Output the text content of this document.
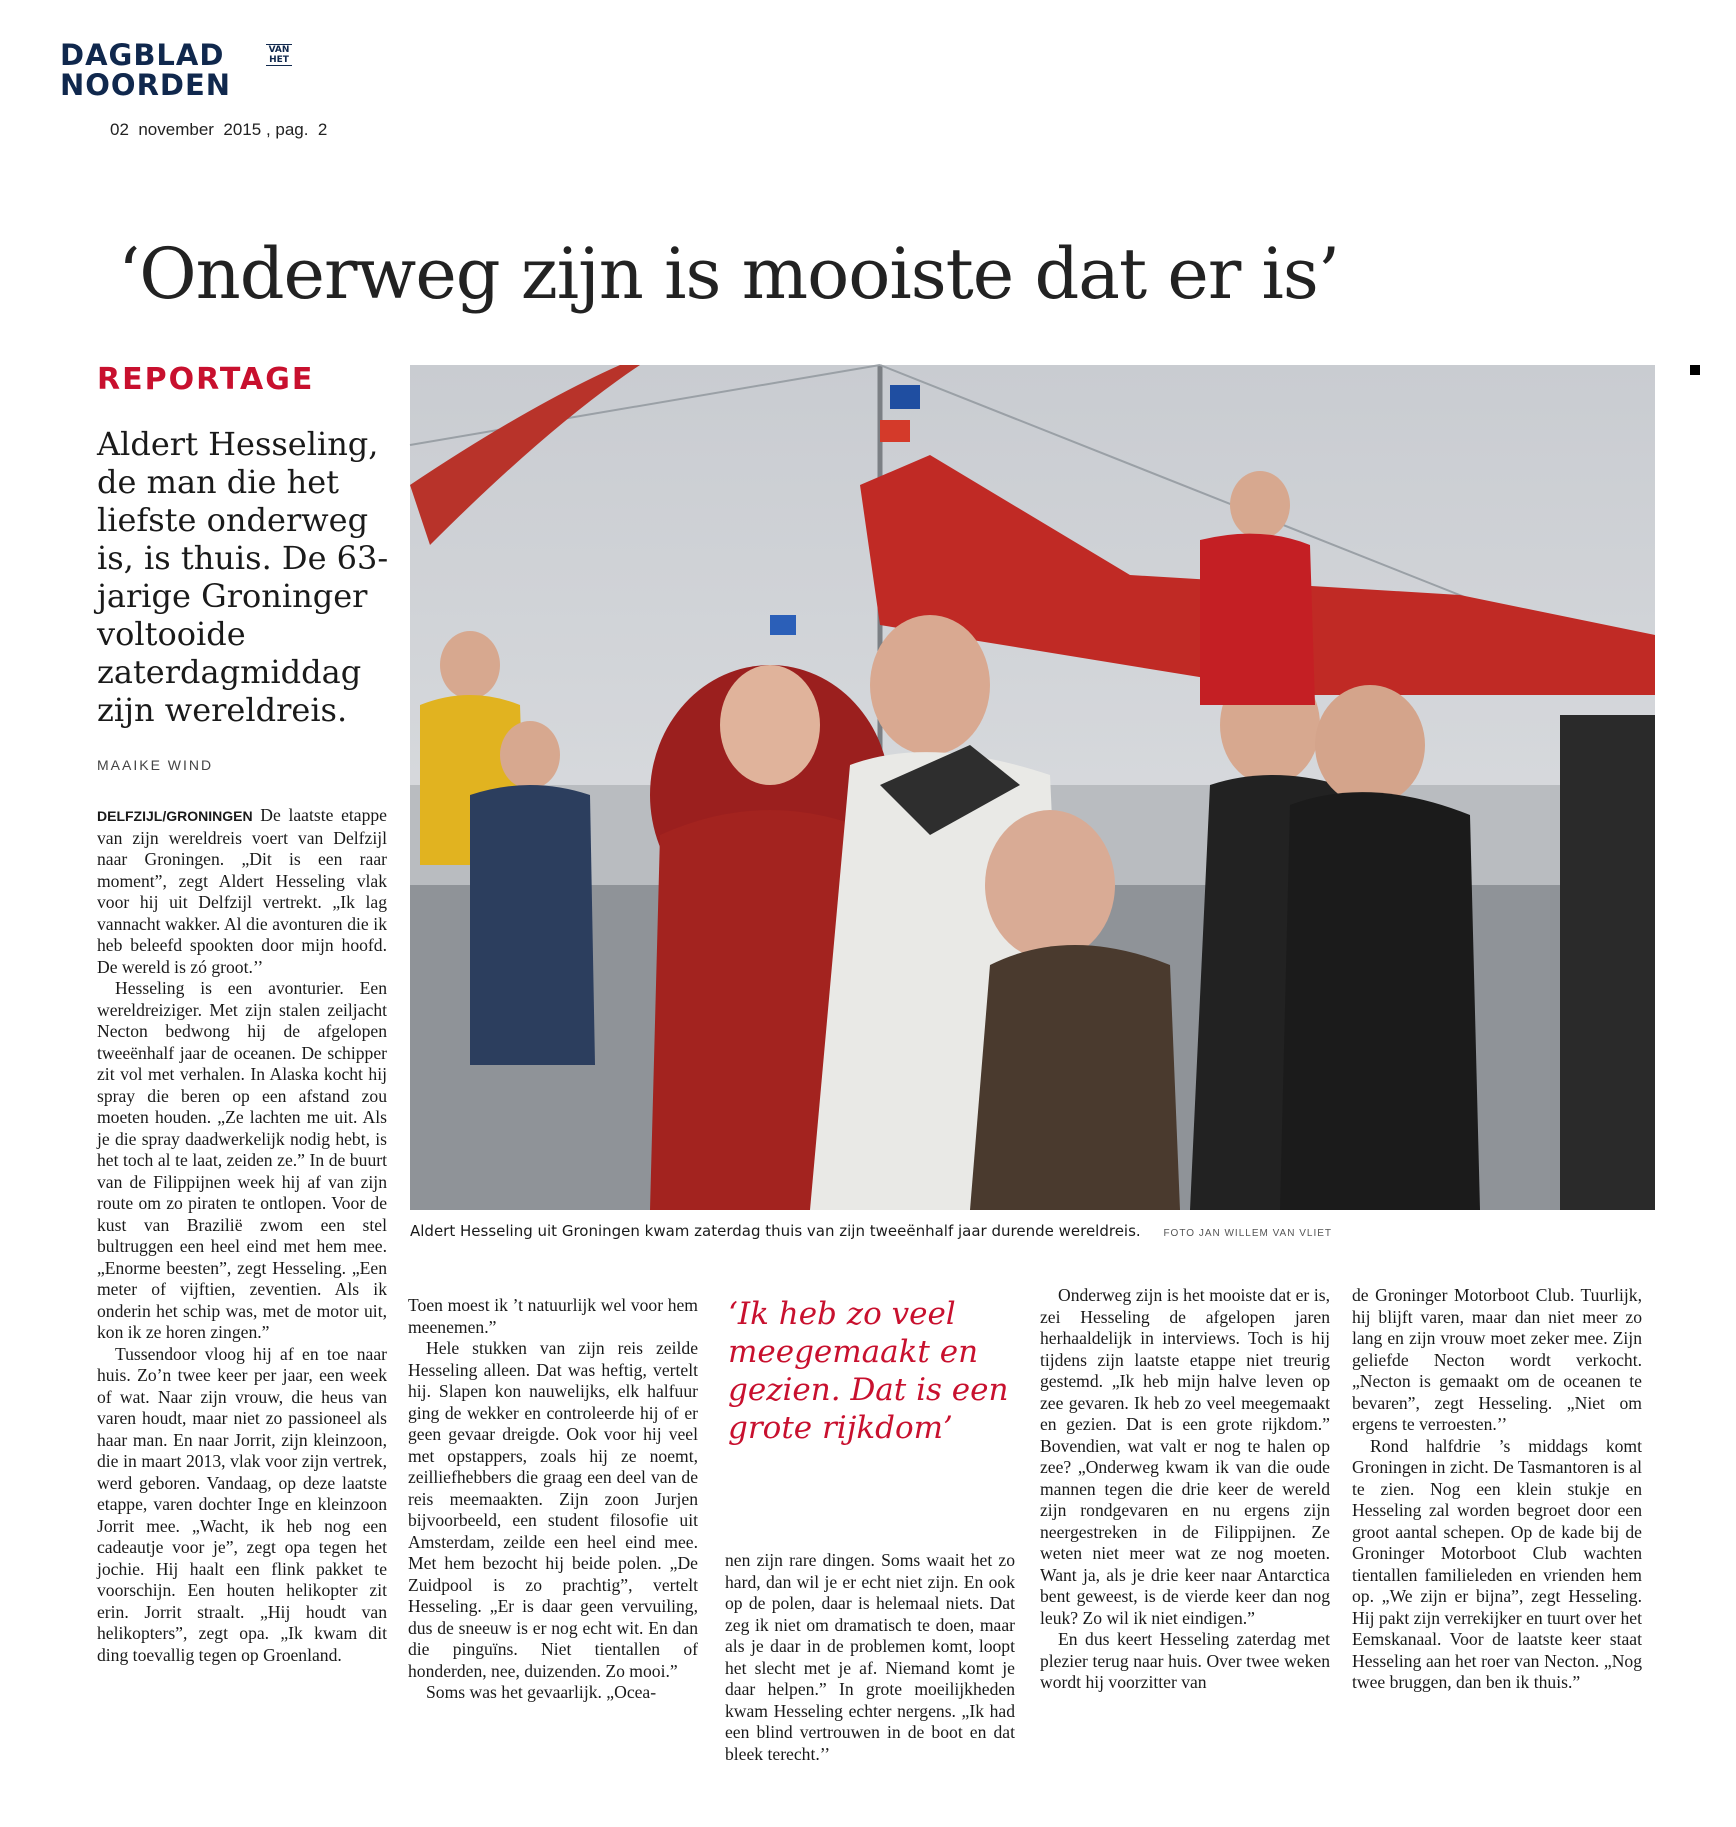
DAGBLAD
NOORDEN
VAN HET
02  november  2015 , pag.  2
‘Onderweg zijn is mooiste dat er is’
REPORTAGE

Aldert Hesseling, de man die het liefste onderweg is, is thuis. De 63-jarige Groninger voltooide zaterdagmiddag zijn wereldreis.

MAAIKE WIND
Aldert Hesseling uit Groningen kwam zaterdag thuis van zijn tweeënhalf jaar durende wereldreis. FOTO JAN WILLEM VAN VLIET

DELFZIJL/GRONINGEN De laatste etappe van zijn wereldreis voert van Delfzijl naar Groningen. „Dit is een raar moment”, zegt Aldert Hesseling vlak voor hij uit Delfzijl vertrekt. „Ik lag vannacht wakker. Al die avonturen die ik heb beleefd spookten door mijn hoofd. De wereld is zó groot.’’

Hesseling is een avonturier. Een wereldreiziger. Met zijn stalen zeiljacht Necton bedwong hij de afgelopen tweeënhalf jaar de oceanen. De schipper zit vol met verhalen. In Alaska kocht hij spray die beren op een afstand zou moeten houden. „Ze lachten me uit. Als je die spray daadwerkelijk nodig hebt, is het toch al te laat, zeiden ze.” In de buurt van de Filippijnen week hij af van zijn route om zo piraten te ontlopen. Voor de kust van Brazilië zwom een stel bultruggen een heel eind met hem mee. „Enorme beesten”, zegt Hesseling. „Een meter of vijftien, zeventien. Als ik onderin het schip was, met de motor uit, kon ik ze horen zingen.”

Tussendoor vloog hij af en toe naar huis. Zo’n twee keer per jaar, een week of wat. Naar zijn vrouw, die heus van varen houdt, maar niet zo passioneel als haar man. En naar Jorrit, zijn kleinzoon, die in maart 2013, vlak voor zijn vertrek, werd geboren. Vandaag, op deze laatste etappe, varen dochter Inge en kleinzoon Jorrit mee. „Wacht, ik heb nog een cadeautje voor je”, zegt opa tegen het jochie. Hij haalt een flink pakket te voorschijn. Een houten helikopter zit erin. Jorrit straalt. „Hij houdt van helikopters”, zegt opa. „Ik kwam dit ding toevallig tegen op Groenland.

Toen moest ik ’t natuurlijk wel voor hem meenemen.”

Hele stukken van zijn reis zeilde Hesseling alleen. Dat was heftig, vertelt hij. Slapen kon nauwelijks, elk halfuur ging de wekker en controleerde hij of er geen gevaar dreigde. Ook voor hij veel met opstappers, zoals hij ze noemt, zeilliefhebbers die graag een deel van de reis meemaakten. Zijn zoon Jurjen bijvoorbeeld, een student filosofie uit Amsterdam, zeilde een heel eind mee. Met hem bezocht hij beide polen. „De Zuidpool is zo prachtig”, vertelt Hesseling. „Er is daar geen vervuiling, dus de sneeuw is er nog echt wit. En dan die pinguïns. Niet tientallen of honderden, nee, duizenden. Zo mooi.”

Soms was het gevaarlijk. „Ocea-

‘Ik heb zo veel meegemaakt en gezien. Dat is een grote rijkdom’

nen zijn rare dingen. Soms waait het zo hard, dan wil je er echt niet zijn. En ook op de polen, daar is helemaal niets. Dat zeg ik niet om dramatisch te doen, maar als je daar in de problemen komt, loopt het slecht met je af. Niemand komt je daar helpen.” In grote moeilijkheden kwam Hesseling echter nergens. „Ik had een blind vertrouwen in de boot en dat bleek terecht.’’

Onderweg zijn is het mooiste dat er is, zei Hesseling de afgelopen jaren herhaaldelijk in interviews. Toch is hij tijdens zijn laatste etappe niet treurig gestemd. „Ik heb mijn halve leven op zee gevaren. Ik heb zo veel meegemaakt en gezien. Dat is een grote rijkdom.” Bovendien, wat valt er nog te halen op zee? „Onderweg kwam ik van die oude mannen tegen die drie keer de wereld zijn rondgevaren en nu ergens zijn neergestreken in de Filippijnen. Ze weten niet meer wat ze nog moeten. Want ja, als je drie keer naar Antarctica bent geweest, is de vierde keer dan nog leuk? Zo wil ik niet eindigen.”

En dus keert Hesseling zaterdag met plezier terug naar huis. Over twee weken wordt hij voorzitter van

de Groninger Motorboot Club. Tuurlijk, hij blijft varen, maar dan niet meer zo lang en zijn vrouw moet zeker mee. Zijn geliefde Necton wordt verkocht. „Necton is gemaakt om de oceanen te bevaren”, zegt Hesseling. „Niet om ergens te verroesten.’’

Rond halfdrie ’s middags komt Groningen in zicht. De Tasmantoren is al te zien. Nog een klein stukje en Hesseling zal worden begroet door een groot aantal schepen. Op de kade bij de Groninger Motorboot Club wachten tientallen familieleden en vrienden hem op. „We zijn er bijna”, zegt Hesseling. Hij pakt zijn verrekijker en tuurt over het Eemskanaal. Voor de laatste keer staat Hesseling aan het roer van Necton. „Nog twee bruggen, dan ben ik thuis.”
